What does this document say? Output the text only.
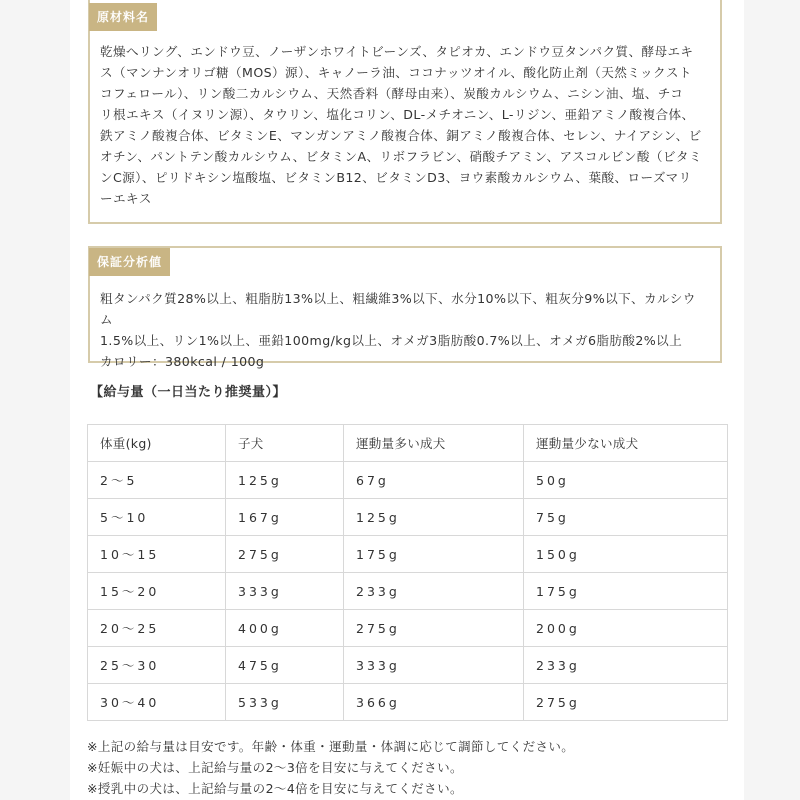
原材料名
乾燥へリング、エンドウ豆、ノーザンホワイトビーンズ、タピオカ、エンドウ豆タンパク質、酵母エキ
ス（マンナンオリゴ糖（MOS）源）、キャノーラ油、ココナッツオイル、酸化防止剤（天然ミックスト
コフェロール）、リン酸二カルシウム、天然香料（酵母由来）、炭酸カルシウム、ニシン油、塩、チコ
リ根エキス（イヌリン源）、タウリン、塩化コリン、DL-メチオニン、L-リジン、亜鉛アミノ酸複合体、
鉄アミノ酸複合体、ビタミンE、マンガンアミノ酸複合体、銅アミノ酸複合体、セレン、ナイアシン、ビ
オチン、パントテン酸カルシウム、ビタミンA、リボフラビン、硝酸チアミン、アスコルビン酸（ビタミ
ンC源）、ピリドキシン塩酸塩、ビタミンB12、ビタミンD3、ヨウ素酸カルシウム、葉酸、ローズマリ
ーエキス
保証分析値
粗タンパク質28%以上、粗脂肪13%以上、粗繊維3%以下、水分10%以下、粗灰分9%以下、カルシウム
1.5%以上、リン1%以上、亜鉛100mg/kg以上、オメガ3脂肪酸0.7%以上、オメガ6脂肪酸2%以上
カロリー：380kcal / 100g
【給与量（一日当たり推奨量）】
体重(kg)	子犬	運動量多い成犬	運動量少ない成犬
2〜5	125g	67g	50g
5〜10	167g	125g	75g
10〜15	275g	175g	150g
15〜20	333g	233g	175g
20〜25	400g	275g	200g
25〜30	475g	333g	233g
30〜40	533g	366g	275g
※上記の給与量は目安です。年齢・体重・運動量・体調に応じて調節してください。
※妊娠中の犬は、上記給与量の2〜3倍を目安に与えてください。
※授乳中の犬は、上記給与量の2〜4倍を目安に与えてください。
